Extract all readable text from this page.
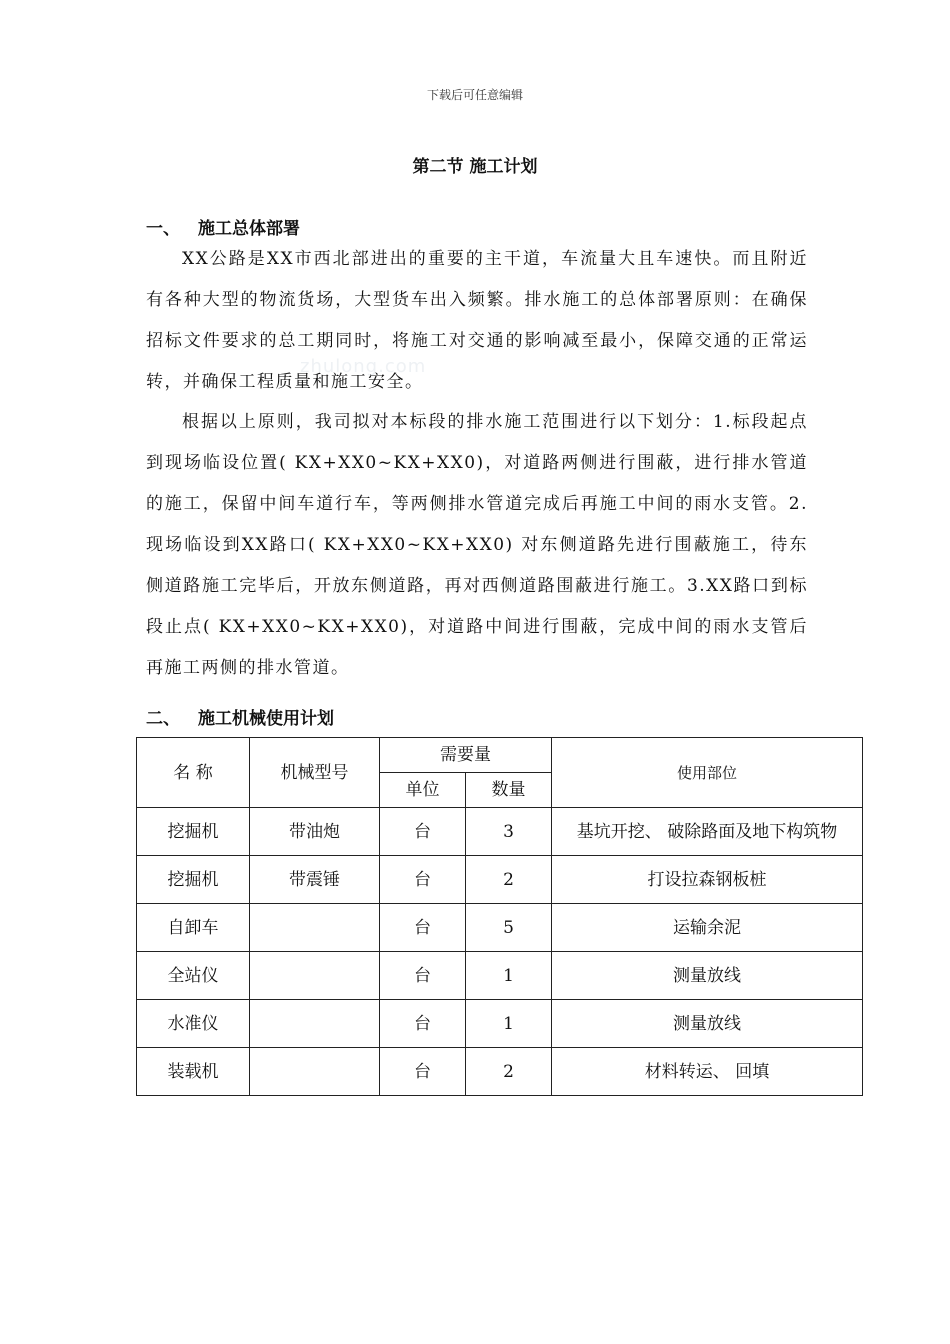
下载后可任意编辑
第二节 施工计划
zhulong.com
一、 施工总体部署

XX公路是XX市西北部进出的重要的主干道，车流量大且车速快。而且附近有各种大型的物流货场，大型货车出入频繁。排水施工的总体部署原则：在确保招标文件要求的总工期同时，将施工对交通的影响减至最小，保障交通的正常运转，并确保工程质量和施工安全。

根据以上原则，我司拟对本标段的排水施工范围进行以下划分：1.标段起点到现场临设位置( KX+XX0~KX+XX0)，对道路两侧进行围蔽，进行排水管道的施工，保留中间车道行车，等两侧排水管道完成后再施工中间的雨水支管。2.现场临设到XX路口( KX+XX0~KX+XX0) 对东侧道路先进行围蔽施工，待东侧道路施工完毕后，开放东侧道路，再对西侧道路围蔽进行施工。3.XX路口到标段止点( KX+XX0~KX+XX0)，对道路中间进行围蔽，完成中间的雨水支管后再施工两侧的排水管道。

二、 施工机械使用计划
名 称	机械型号	需要量		使用部位
		单位	数量	
挖掘机	带油炮	台	3	基坑开挖、 破除路面及地下构筑物
挖掘机	带震锤	台	2	打设拉森钢板桩
自卸车		台	5	运输余泥
全站仪		台	1	测量放线
水准仪		台	1	测量放线
装载机		台	2	材料转运、 回填
